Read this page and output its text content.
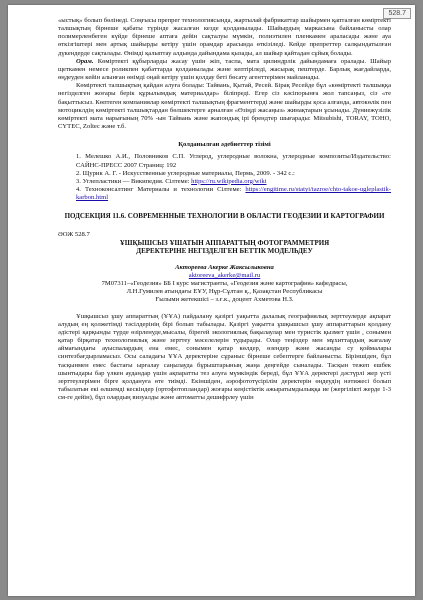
528.7

«ыстық» болып бөлінеді. Соңғысы препрег технологиясында, жартылай фабрикаттар шайырмен қапталған көміртекті талшықтың бірнеше қабаты түрінде жасалған кезде қолданылады. Шайырдың маркасына байланысты олар полимерленбеген күйде бірнеше аптаға дейін сақталуы мүмкін, полиэтилен пленкамен араласады және ауа өткізгіштері мен артық шайырды кетіру үшін орамдар арасында өткізіледі. Кейде препреттер салқындатылған дүкендерде сақталады. Өнімді қалыптау алдында дайындама қызады, ал шайыр қайтадан сұйық болады.

Орам. Көміртекті құбырларды жасау үшін жіп, таспа, мата цилиндрлік дайындамаға оралады. Шайыр щеткамен немесе роликпен қабаттарда қолданылады және кептіріледі, жасырақ пештерде. Барлық жағдайларда, өңдеуден кейін алынған өнімді оңай кетіру үшін қолдау беті бөсату агенттерімен майланады.

Көміртекті талшықтың қайдан алуға болады: Тайвань, Қытай, Ресей. Бірақ Ресейде бұл «көміртекті талшыққа негізделген жоғары берік құрылымдық материалдар» біліпреді. Егер сіз кәсіпорынға жол тапсаңыз, сіз «те бақыттысыз. Көптеген компаниялар көміртекті талшықтың фрагменттерді және шайырды қоса алғанда, автокөлік пен мотоциклдің көміртекті талшықтардан бөлшектерге арналған «Өзіңді жасаңыз» жинақтарын ұсынады. Дүниежүзілік көміртекті мата нарығының 70% -ын Тайвань және жапондық ірі брендтер шығарады: Mitsubishi, TORAY, TOHO, CYTEC, Zoltec және т.б.

Қолданылған әдебиеттер тізімі

1. Мелешко А.И., Половников С.П. Углерод, углеродные волокна, углеродные композиты/Издательство: САЙНС-ПРЕСС 2007 Страниц: 192

2. Щурик А. Г. - Искусственные углеродные материалы, Пермь, 2009. - 342 с.:

3. Углепластики — Википедия. Сілтеме: https://ru.wikipedia.org/wiki

4. Техноконсалтинг Материалы и технологии Сілтеме: https://engitime.ru/statyi/tazroe/chto-takoe-ugleplastik-karbon.html

ПОДСЕКЦИЯ 11.6. СОВРЕМЕННЫЕ ТЕХНОЛОГИИ В ОБЛАСТИ ГЕОДЕЗИИ И КАРТОГРАФИИ

ӘОЖ 528.7

ҰШҚЫШСЫЗ ҰШАТЫН АППАРАТТЫҢ ФОТОГРАММЕТРИЯ

ДЕРЕКТЕРІНЕ НЕГІЗДЕЛГЕН БЕТТІК МОДЕЛЬДЕУ

Актореева Акерке Жаксылыковна

aktoreeva_akerke@mail.ru

7М07311–«Геодезия» ББ І курс магистранты, «Геодезия және картография» кафедрасы,

Л.Н.Гумилев атындағы ЕҰУ, Нұр-Сұлтан қ., Қазақстан Республикасы

Ғылыми жетекшісі – з.ғ.к., доцент Ахметова Н.З.

Ұшқышсыз ұшу аппараттың (ҰҰА) пайдалану қазіргі уақытта далалық географиялық зерттеулерде ақпарат алудың ең қолжетімді тәсілдерінің бірі болып табылады. Қазіргі уақытта ұшқышсыз ұшу аппараттарын қолдану әдістері қарқынды түрде өзірленуде,мысалы, бірегей экологиялық бақылаулар мен туристік қызмет үшін , сонымен қатар бірқатар технологиялық және зерттеу мәселелерін тудырады. Олар теңіздер мен мұхиттардың жағалау аймағындағы ауыспалардың ена емес, сонымен қатар көлдер, өзендер және жасанды су қоймалары синтезбағдырламасыз. Осы саладағы ҰҰА деректеріне сұраныс бірнеше себептерге байланысты. Біріншіден, бұл тасқынмен емес бастағы ырғалау саңылауда бұрыштарының жаңа деңгейде сыналады. Тасқын тежеп ешбек шынтыдары бар үлкен аудандар үшін ақпаратты тез алуға мүмкіндік береді, бұл ҰҰА деректері дәстүрлі жер үсті зерттеулерімен бірге қолдануға өте тиімді. Екіншіден, аэрофототүсірілім деректерін өңдеудің нәтижесі болып табылатын екі өлшемді кескіндер (ортофотопландар) жоғары кеңістіктік ажыратымдылыққа ие (жергілікті жерде 1-3 см-ге дейін), бұл олардың визуалды және автоматты дешифрлеу үшін
